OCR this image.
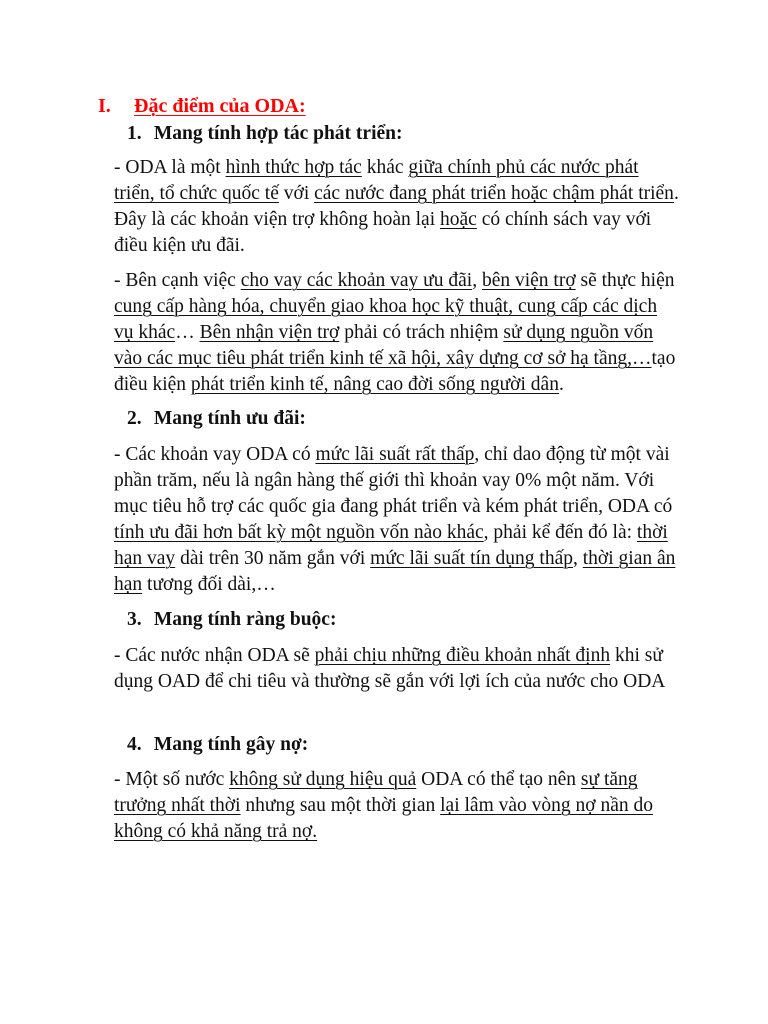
I. Đặc điểm của ODA:
1. Mang tính hợp tác phát triển:
- ODA là một hình thức hợp tác khác giữa chính phủ các nước phát triển, tổ chức quốc tế với các nước đang phát triển hoặc chậm phát triển. Đây là các khoản viện trợ không hoàn lại hoặc có chính sách vay với điều kiện ưu đãi.
- Bên cạnh việc cho vay các khoản vay ưu đãi, bên viện trợ sẽ thực hiện cung cấp hàng hóa, chuyển giao khoa học kỹ thuật, cung cấp các dịch vụ khác… Bên nhận viện trợ phải có trách nhiệm sử dụng nguồn vốn vào các mục tiêu phát triển kinh tế xã hội, xây dựng cơ sở hạ tầng,…tạo điều kiện phát triển kinh tế, nâng cao đời sống người dân.
2. Mang tính ưu đãi:
- Các khoản vay ODA có mức lãi suất rất thấp, chỉ dao động từ một vài phần trăm, nếu là ngân hàng thế giới thì khoản vay 0% một năm. Với mục tiêu hỗ trợ các quốc gia đang phát triển và kém phát triển, ODA có tính ưu đãi hơn bất kỳ một nguồn vốn nào khác, phải kể đến đó là: thời hạn vay dài trên 30 năm gắn với mức lãi suất tín dụng thấp, thời gian ân hạn tương đối dài,…
3. Mang tính ràng buộc:
- Các nước nhận ODA sẽ phải chịu những điều khoản nhất định khi sử dụng OAD để chi tiêu và thường sẽ gắn với lợi ích của nước cho ODA
4. Mang tính gây nợ:
- Một số nước không sử dụng hiệu quả ODA có thể tạo nên sự tăng trưởng nhất thời nhưng sau một thời gian lại lâm vào vòng nợ nần do không có khả năng trả nợ.
